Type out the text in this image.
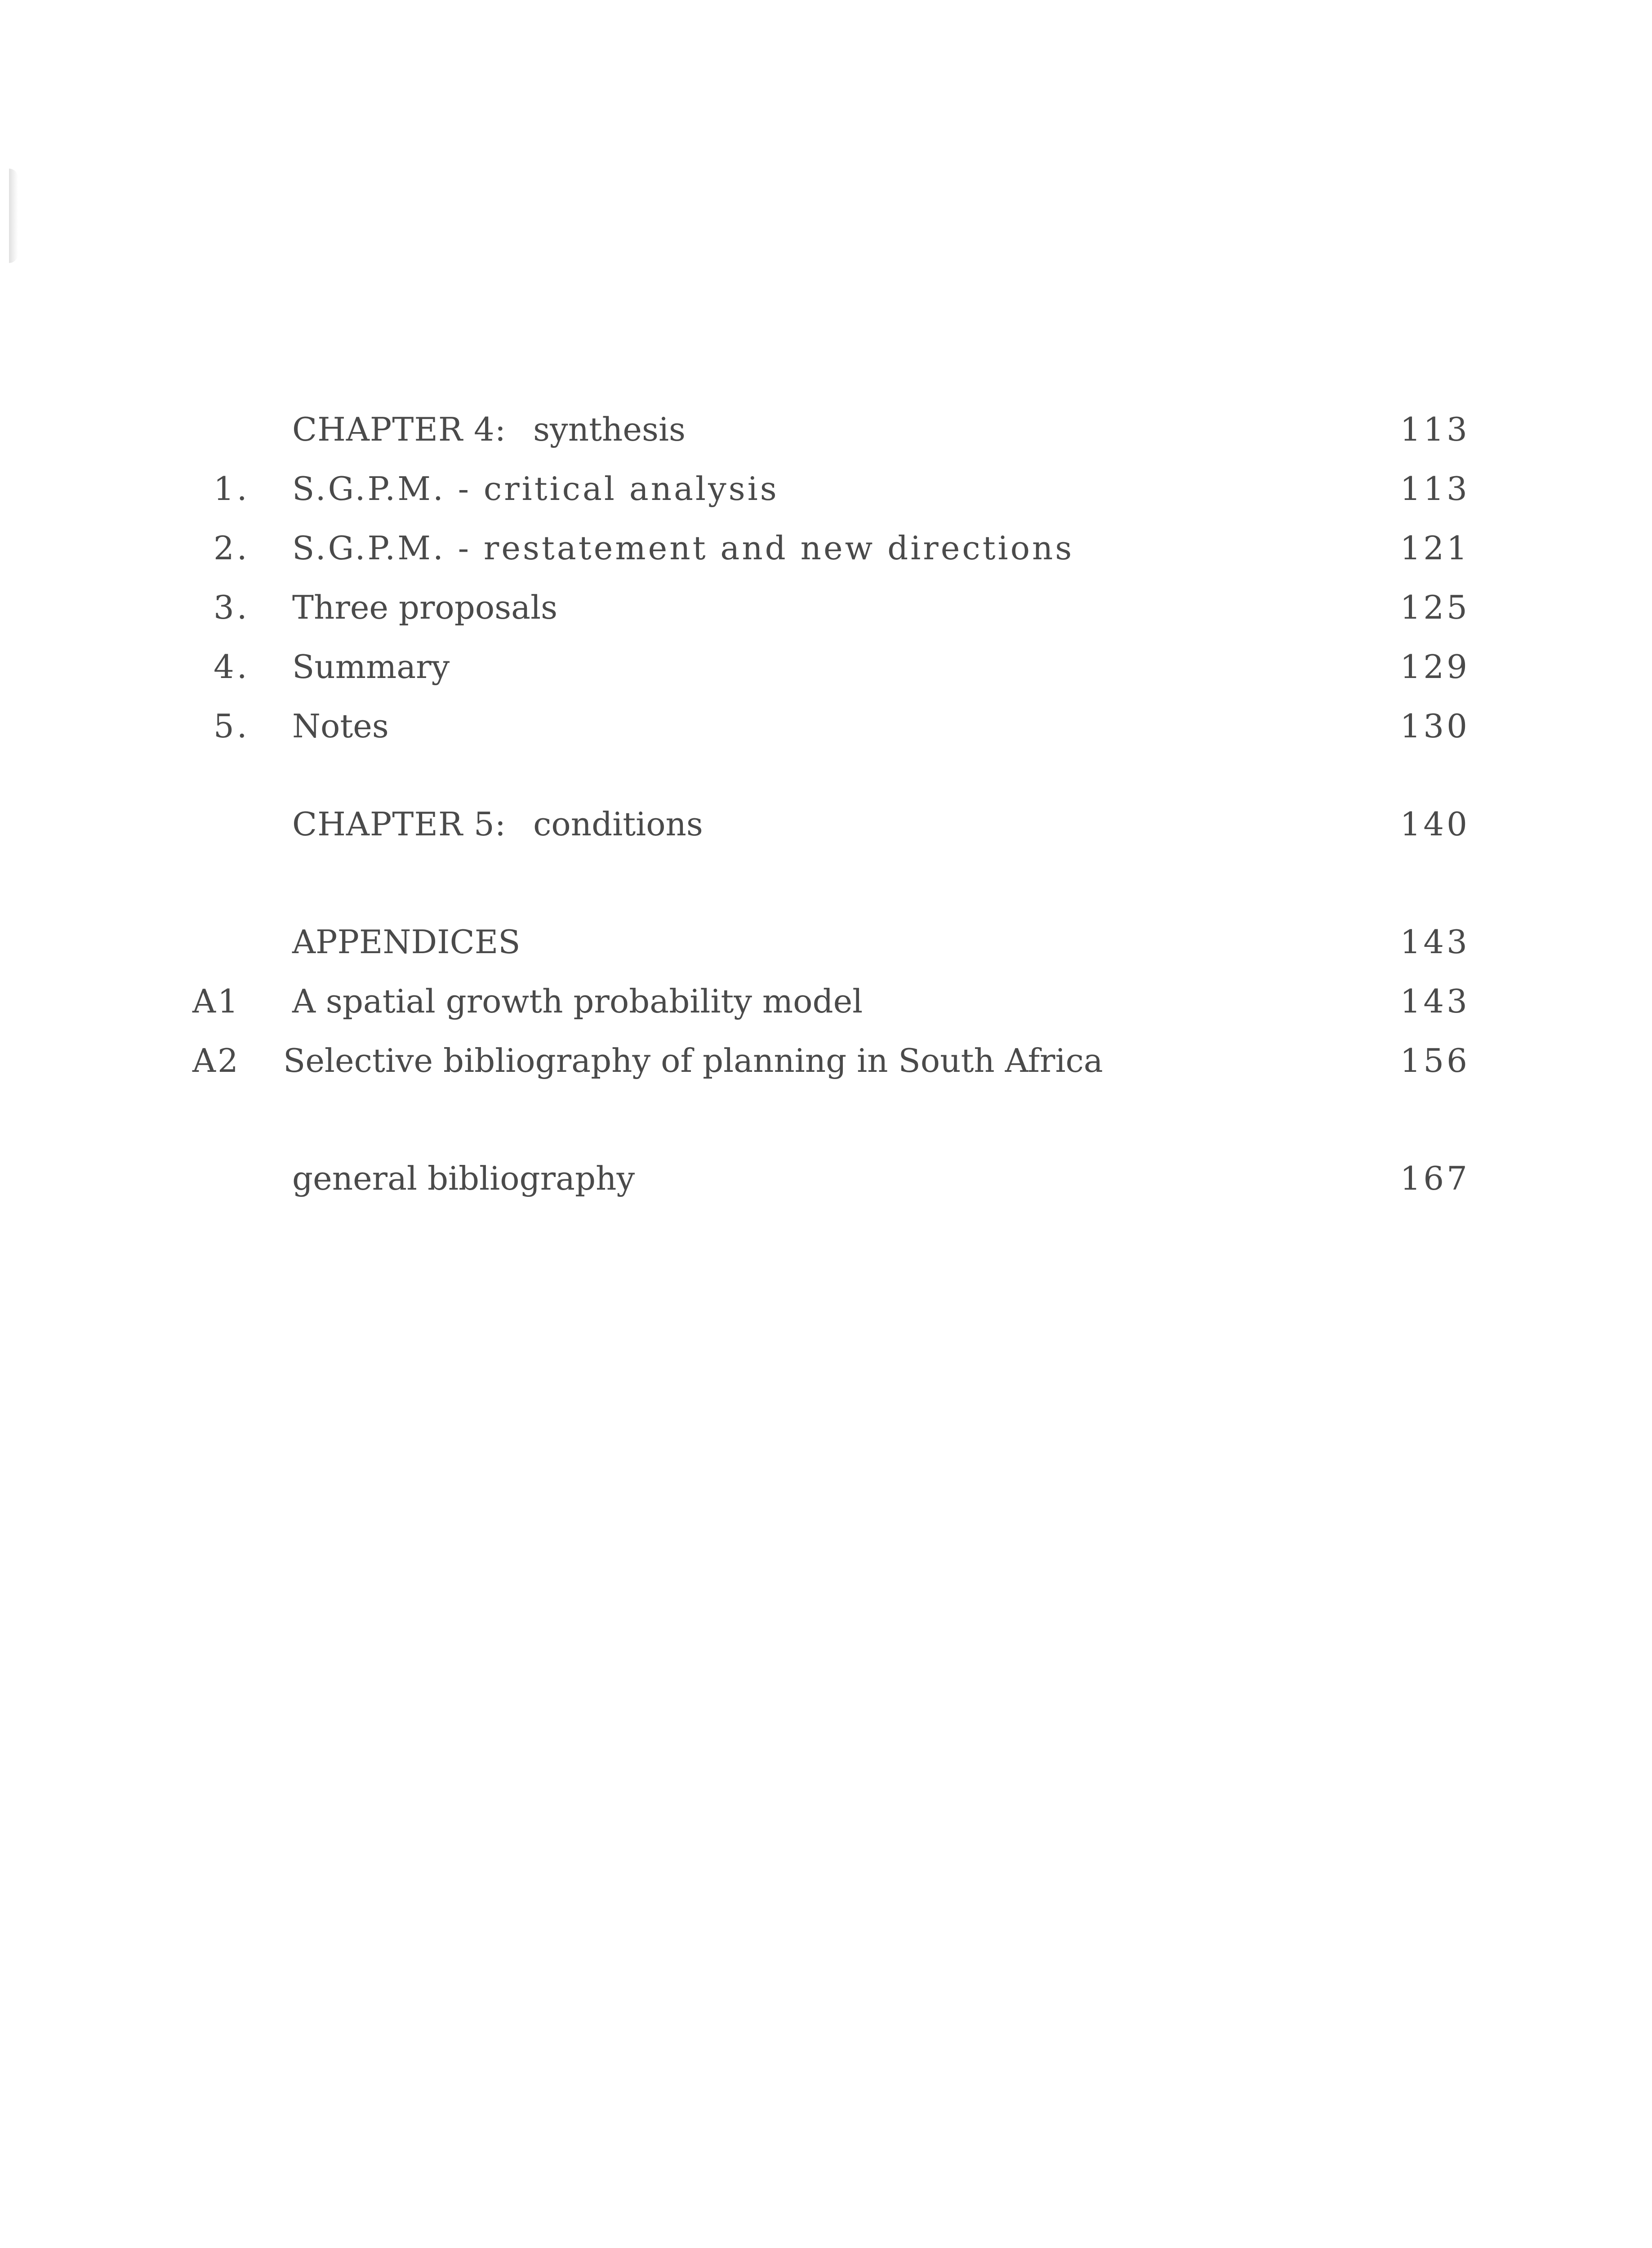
CHAPTER 4: synthesis	113
1.	S.G.P.M. - critical analysis	113
2.	S.G.P.M. - restatement and new directions	121
3.	Three proposals	125
4.	Summary	129
5.	Notes	130
CHAPTER 5: conditions	140
APPENDICES	143
A1 A spatial growth probability model	143
A2 Selective bibliography of planning in South Africa	156
general bibliography	167
